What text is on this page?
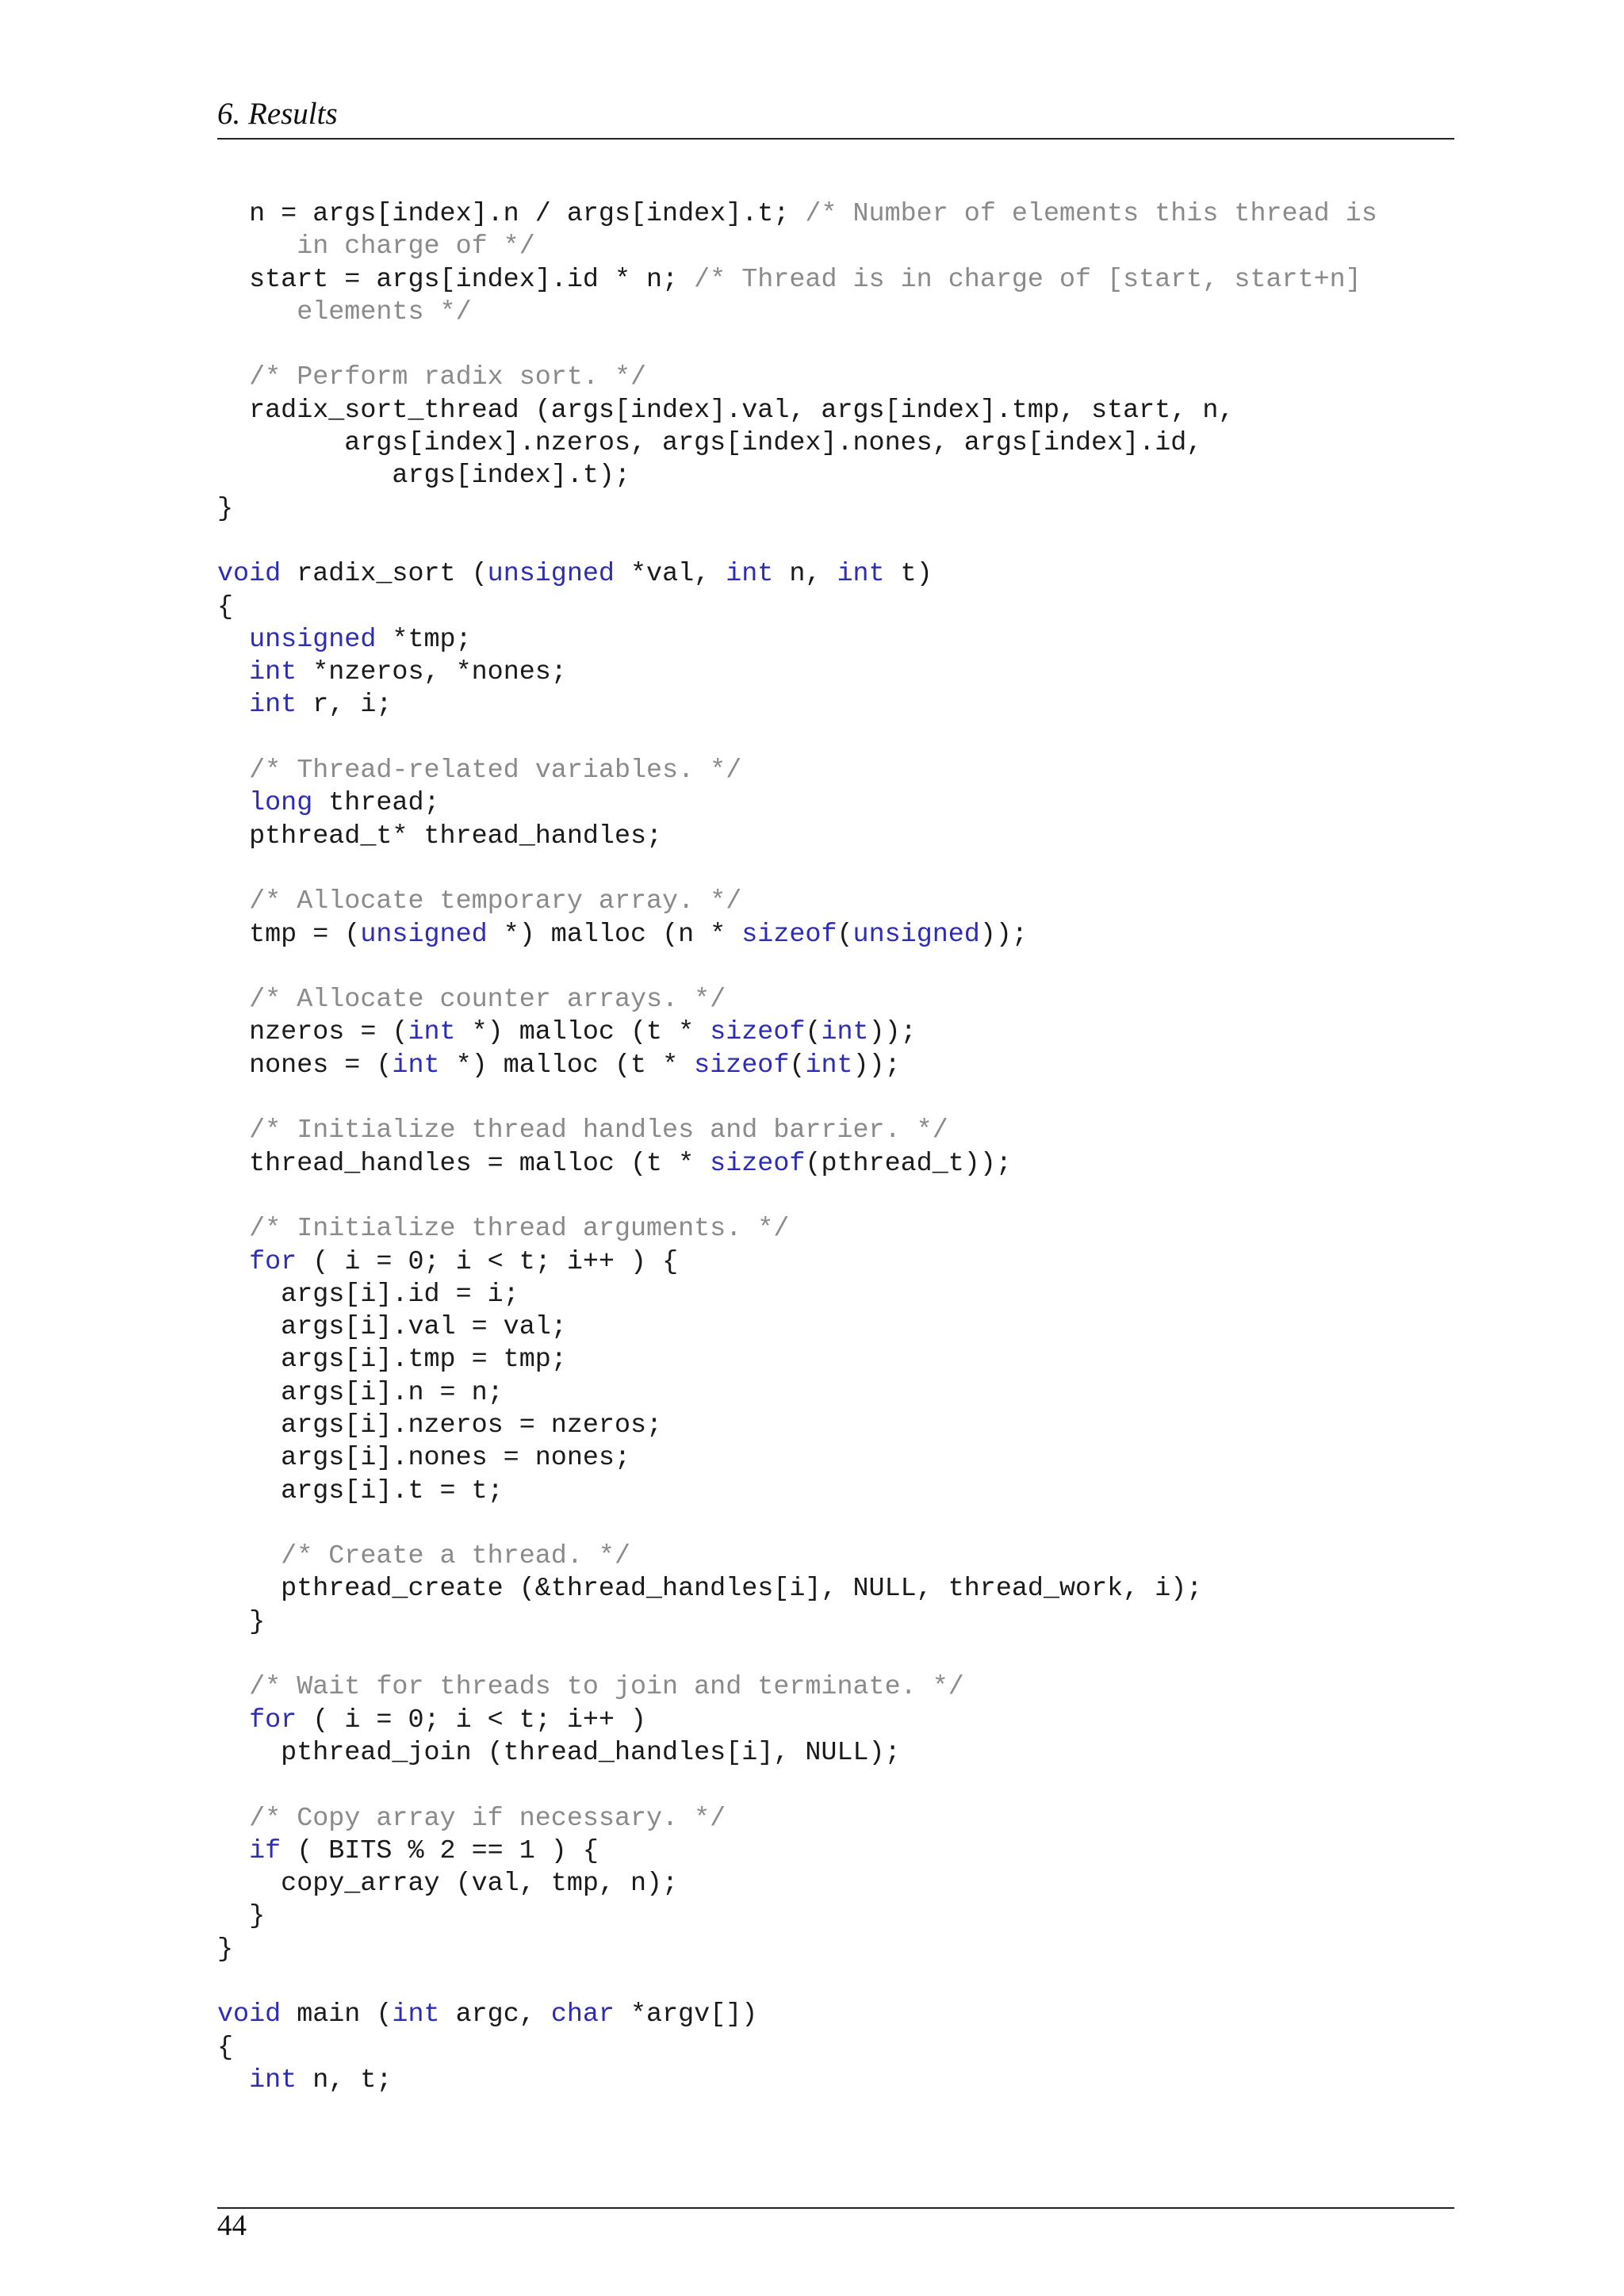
6. Results
n = args[index].n / args[index].t; /* Number of elements this thread is
in charge of */
start = args[index].id * n; /* Thread is in charge of [start, start+n]
elements */
/* Perform radix sort. */
radix_sort_thread (args[index].val, args[index].tmp, start, n,
args[index].nzeros, args[index].nones, args[index].id,
args[index].t);
}
void radix_sort (unsigned *val, int n, int t)
{
unsigned *tmp;
int *nzeros, *nones;
int r, i;
/* Thread-related variables. */
long thread;
pthread_t* thread_handles;
/* Allocate temporary array. */
tmp = (unsigned *) malloc (n * sizeof(unsigned));
/* Allocate counter arrays. */
nzeros = (int *) malloc (t * sizeof(int));
nones = (int *) malloc (t * sizeof(int));
/* Initialize thread handles and barrier. */
thread_handles = malloc (t * sizeof(pthread_t));
/* Initialize thread arguments. */
for ( i = 0; i < t; i++ ) {
args[i].id = i;
args[i].val = val;
args[i].tmp = tmp;
args[i].n = n;
args[i].nzeros = nzeros;
args[i].nones = nones;
args[i].t = t;
/* Create a thread. */
pthread_create (&thread_handles[i], NULL, thread_work, i);
}
/* Wait for threads to join and terminate. */
for ( i = 0; i < t; i++ )
pthread_join (thread_handles[i], NULL);
/* Copy array if necessary. */
if ( BITS % 2 == 1 ) {
copy_array (val, tmp, n);
}
}
void main (int argc, char *argv[])
{
int n, t;
44
